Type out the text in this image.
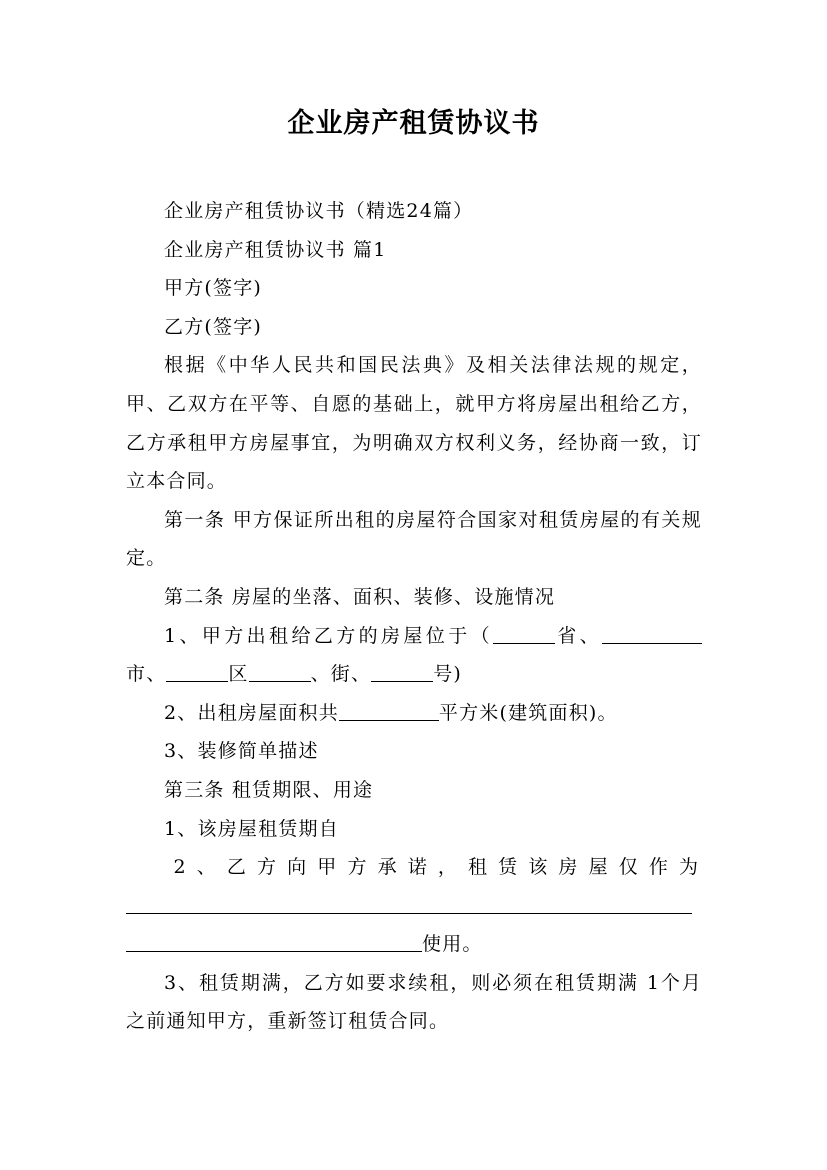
企业房产租赁协议书

企业房产租赁协议书（精选24篇）

企业房产租赁协议书 篇1

甲方(签字)

乙方(签字)

根据《中华人民共和国民法典》及相关法律法规的规定，甲、乙双方在平等、自愿的基础上，就甲方将房屋出租给乙方，乙方承租甲方房屋事宜，为明确双方权利义务，经协商一致，订立本合同。

第一条 甲方保证所出租的房屋符合国家对租赁房屋的有关规定。

第二条 房屋的坐落、面积、装修、设施情况

1、甲方出租给乙方的房屋位于（	省、市、	区	、街、	号)

2、出租房屋面积共	平方米(建筑面积)。

3、装修简单描述

第三条 租赁期限、用途

1、该房屋租赁期自

2、乙方向甲方承诺，租赁该房屋仅作为

使用。

3、租赁期满，乙方如要求续租，则必须在租赁期满 1个月之前通知甲方，重新签订租赁合同。
